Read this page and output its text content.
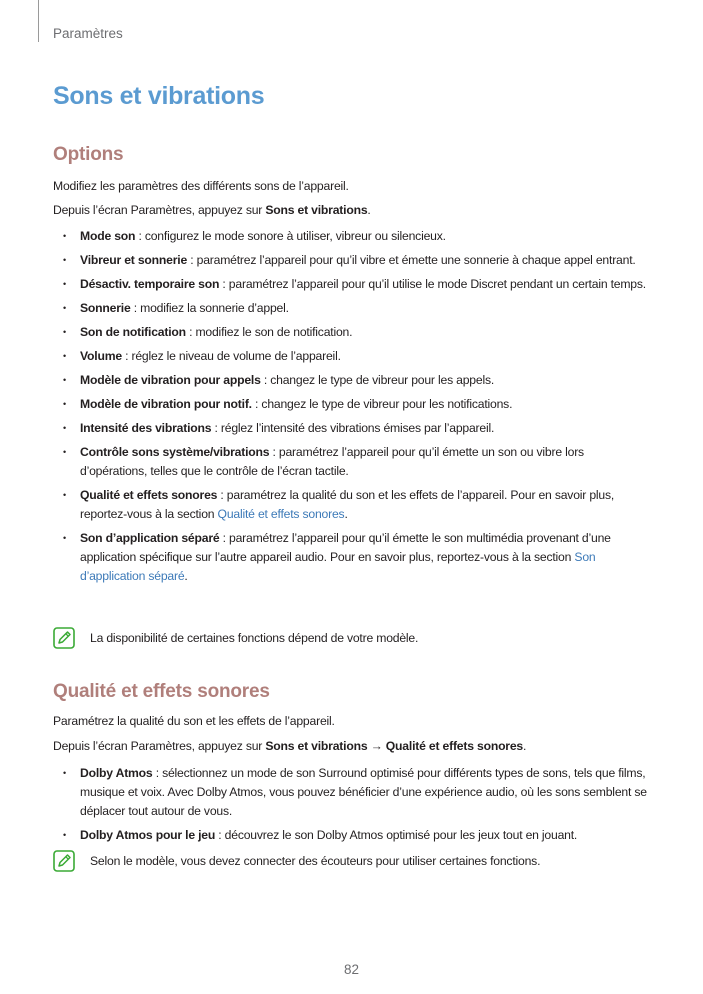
Paramètres
Sons et vibrations
Options

Modifiez les paramètres des différents sons de l’appareil.

Depuis l’écran Paramètres, appuyez sur Sons et vibrations.

• Mode son : configurez le mode sonore à utiliser, vibreur ou silencieux.
• Vibreur et sonnerie : paramétrez l’appareil pour qu’il vibre et émette une sonnerie à chaque appel entrant.
• Désactiv. temporaire son : paramétrez l’appareil pour qu’il utilise le mode Discret pendant un certain temps.
• Sonnerie : modifiez la sonnerie d’appel.
• Son de notification : modifiez le son de notification.
• Volume : réglez le niveau de volume de l’appareil.
• Modèle de vibration pour appels : changez le type de vibreur pour les appels.
• Modèle de vibration pour notif. : changez le type de vibreur pour les notifications.
• Intensité des vibrations : réglez l’intensité des vibrations émises par l’appareil.
• Contrôle sons système/vibrations : paramétrez l’appareil pour qu’il émette un son ou vibre lors d’opérations, telles que le contrôle de l’écran tactile.
• Qualité et effets sonores : paramétrez la qualité du son et les effets de l’appareil. Pour en savoir plus, reportez-vous à la section Qualité et effets sonores.
• Son d’application séparé : paramétrez l’appareil pour qu’il émette le son multimédia provenant d’une application spécifique sur l’autre appareil audio. Pour en savoir plus, reportez-vous à la section Son d’application séparé.

La disponibilité de certaines fonctions dépend de votre modèle.

Qualité et effets sonores

Paramétrez la qualité du son et les effets de l’appareil.

Depuis l’écran Paramètres, appuyez sur Sons et vibrations → Qualité et effets sonores.

• Dolby Atmos : sélectionnez un mode de son Surround optimisé pour différents types de sons, tels que films, musique et voix. Avec Dolby Atmos, vous pouvez bénéficier d’une expérience audio, où les sons semblent se déplacer tout autour de vous.
• Dolby Atmos pour le jeu : découvrez le son Dolby Atmos optimisé pour les jeux tout en jouant.

Selon le modèle, vous devez connecter des écouteurs pour utiliser certaines fonctions.

82
